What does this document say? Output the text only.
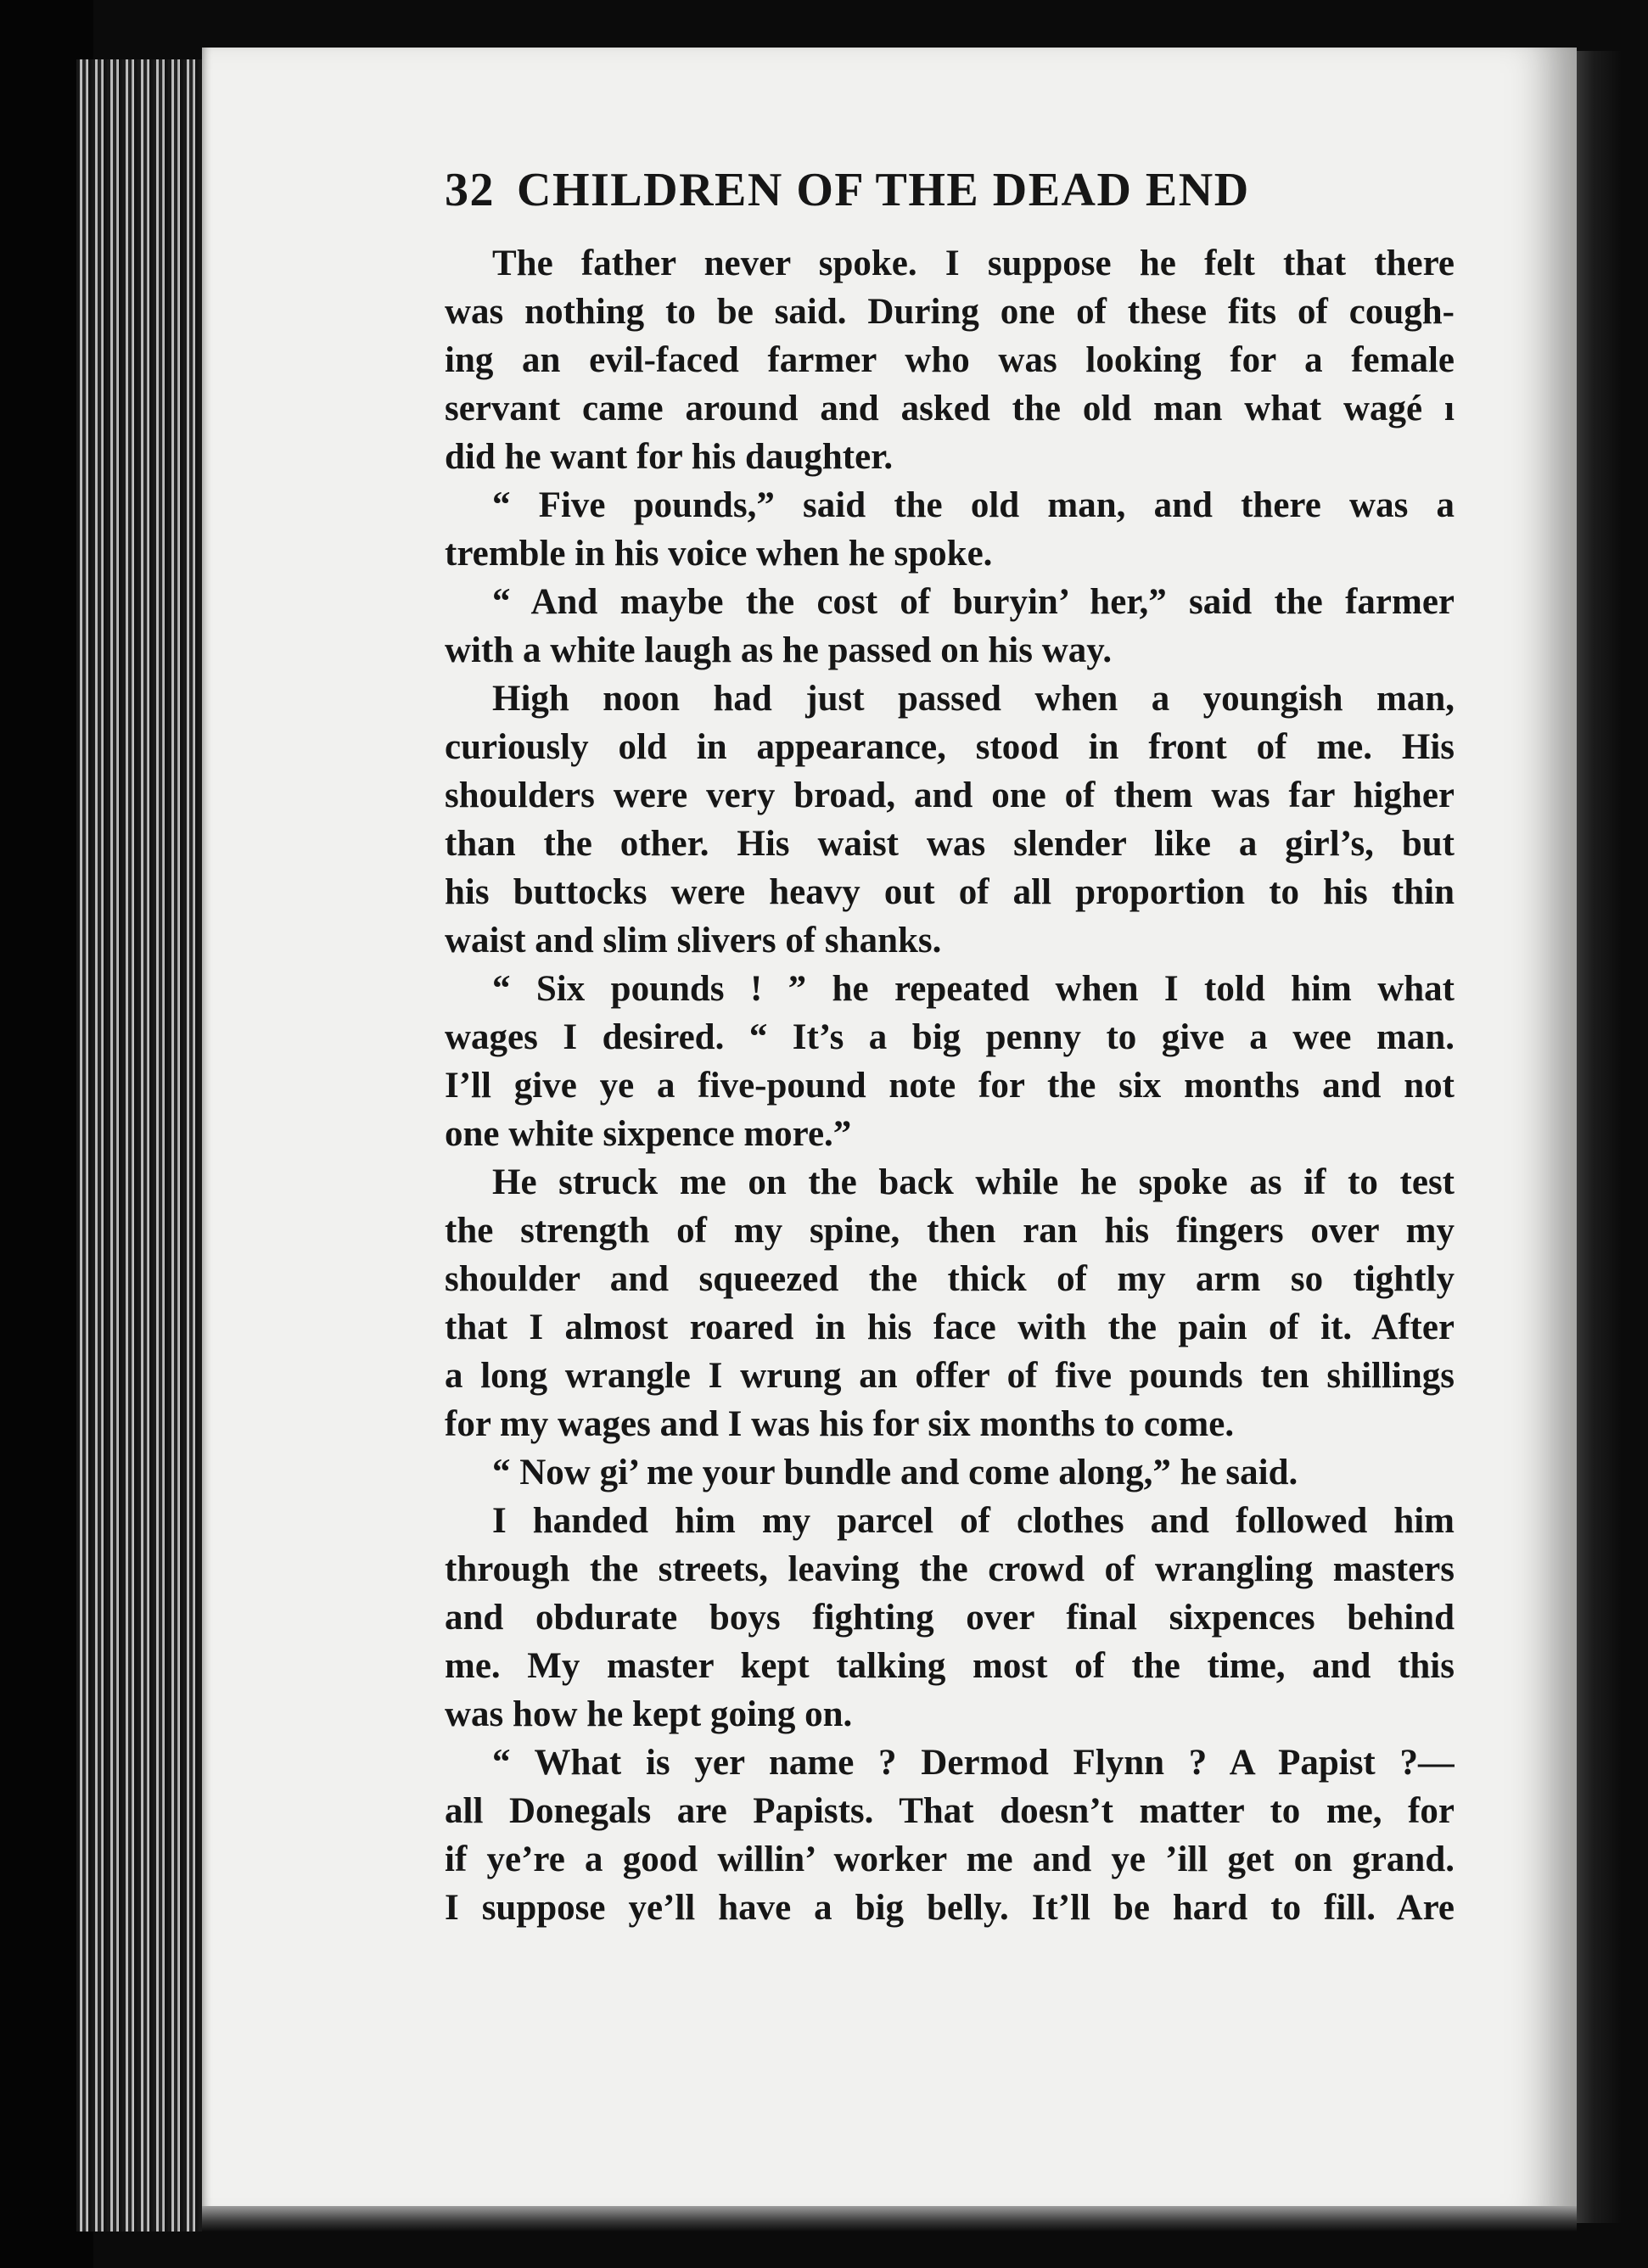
32 CHILDREN OF THE DEAD END
The father never spoke. I suppose he felt that there
was nothing to be said. During one of these fits of cough-
ing an evil-faced farmer who was looking for a female
servant came around and asked the old man what wagé ı
did he want for his daughter.
“ Five pounds,” said the old man, and there was a
tremble in his voice when he spoke.
“ And maybe the cost of buryin’ her,” said the farmer
with a white laugh as he passed on his way.
High noon had just passed when a youngish man,
curiously old in appearance, stood in front of me. His
shoulders were very broad, and one of them was far higher
than the other. His waist was slender like a girl’s, but
his buttocks were heavy out of all proportion to his thin
waist and slim slivers of shanks.
“ Six pounds ! ” he repeated when I told him what
wages I desired. “ It’s a big penny to give a wee man.
I’ll give ye a five-pound note for the six months and not
one white sixpence more.”
He struck me on the back while he spoke as if to test
the strength of my spine, then ran his fingers over my
shoulder and squeezed the thick of my arm so tightly
that I almost roared in his face with the pain of it. After
a long wrangle I wrung an offer of five pounds ten shillings
for my wages and I was his for six months to come.
“ Now gi’ me your bundle and come along,” he said.
I handed him my parcel of clothes and followed him
through the streets, leaving the crowd of wrangling masters
and obdurate boys fighting over final sixpences behind
me. My master kept talking most of the time, and this
was how he kept going on.
“ What is yer name ? Dermod Flynn ? A Papist ?—
all Donegals are Papists. That doesn’t matter to me, for
if ye’re a good willin’ worker me and ye ’ill get on grand.
I suppose ye’ll have a big belly. It’ll be hard to fill. Are
